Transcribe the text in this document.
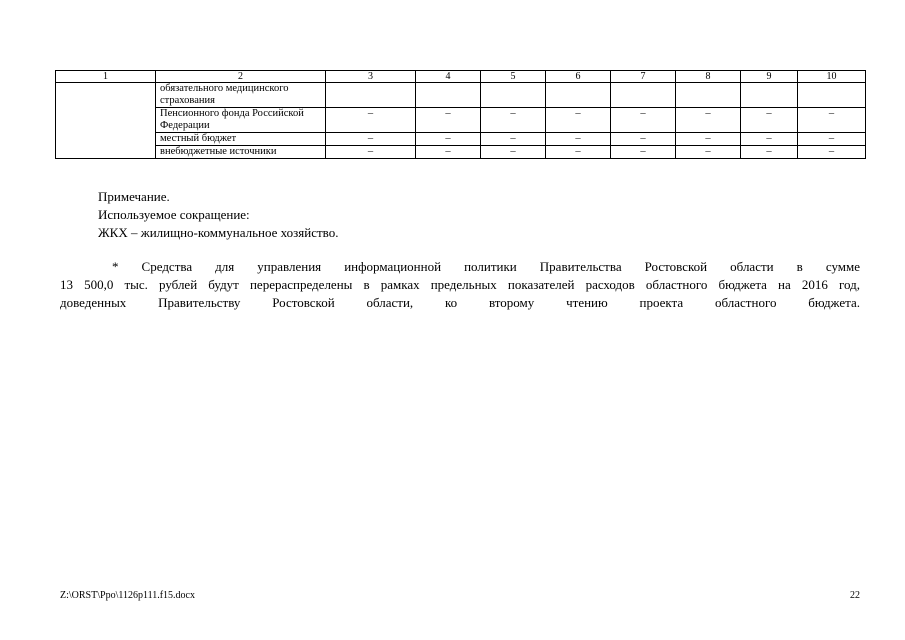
1	2	3	4	5	6	7	8	9	10
	обязательного медицинского страхования								
	Пенсионного фонда Российской Федерации	–	–	–	–	–	–	–	–
	местный бюджет	–	–	–	–	–	–	–	–
	внебюджетные источники	–	–	–	–	–	–	–	–
Примечание.
Используемое сокращение:
ЖКХ – жилищно-коммунальное хозяйство.
* Средства для управления информационной политики Правительства Ростовской области в сумме
13 500,0 тыс. рублей будут перераспределены в рамках предельных показателей расходов областного бюджета на 2016 год,
доведенных Правительству Ростовской области, ко второму чтению проекта областного бюджета.
Z:\ORST\Ppo\1126p111.f15.docx	22
